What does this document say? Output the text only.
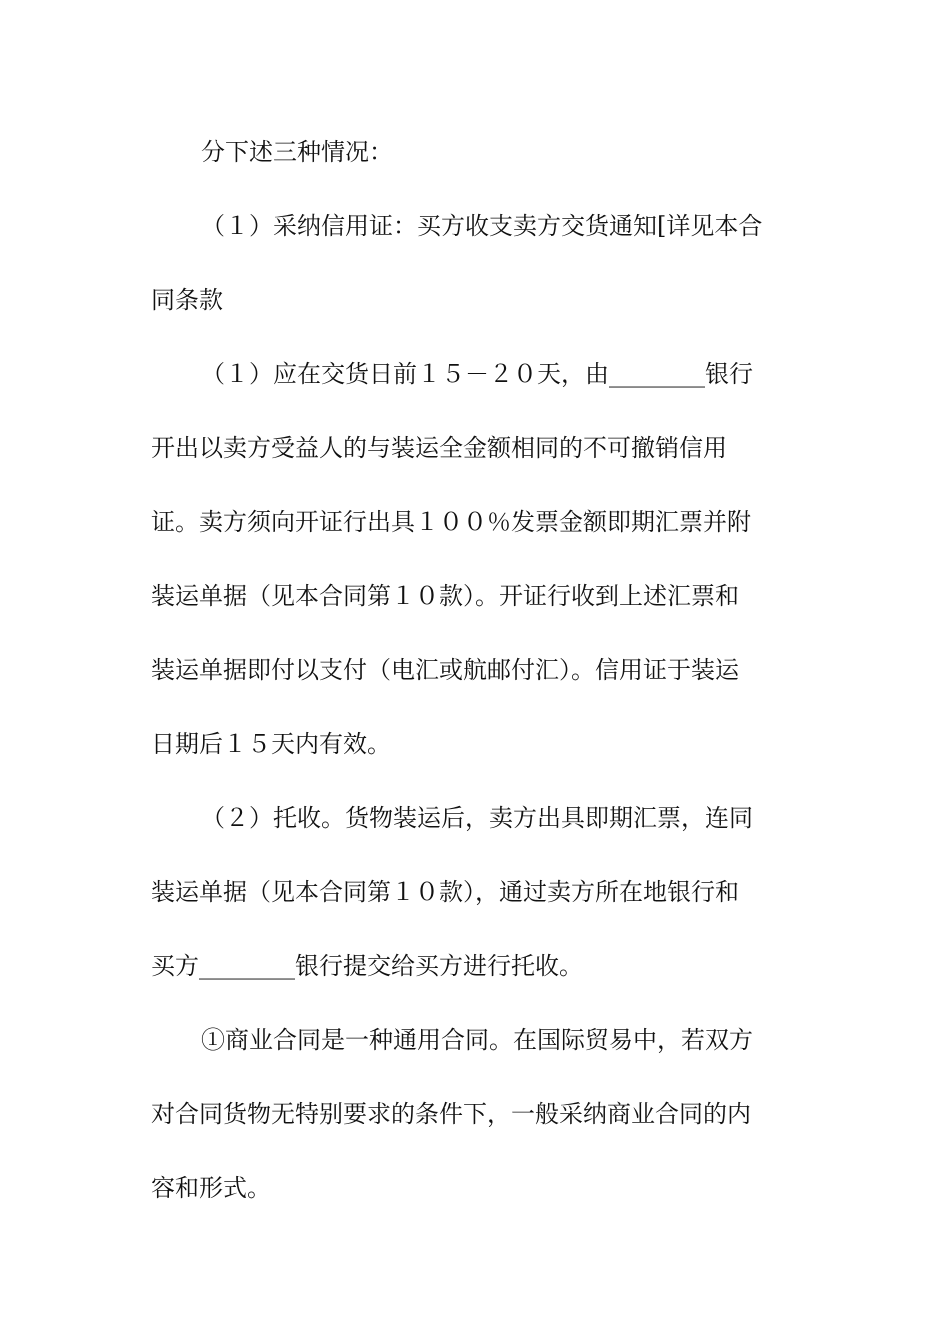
分下述三种情况：
（１）采纳信用证：买方收支卖方交货通知[详见本合
同条款
（１）应在交货日前１５－２０天，由________银行
开出以卖方受益人的与装运全金额相同的不可撤销信用
证。卖方须向开证行出具１００％发票金额即期汇票并附
装运单据（见本合同第１０款）。开证行收到上述汇票和
装运单据即付以支付（电汇或航邮付汇）。信用证于装运
日期后１５天内有效。
（２）托收。货物装运后，卖方出具即期汇票，连同
装运单据（见本合同第１０款），通过卖方所在地银行和
买方________银行提交给买方进行托收。
①商业合同是一种通用合同。在国际贸易中，若双方
对合同货物无特别要求的条件下，一般采纳商业合同的内
容和形式。
